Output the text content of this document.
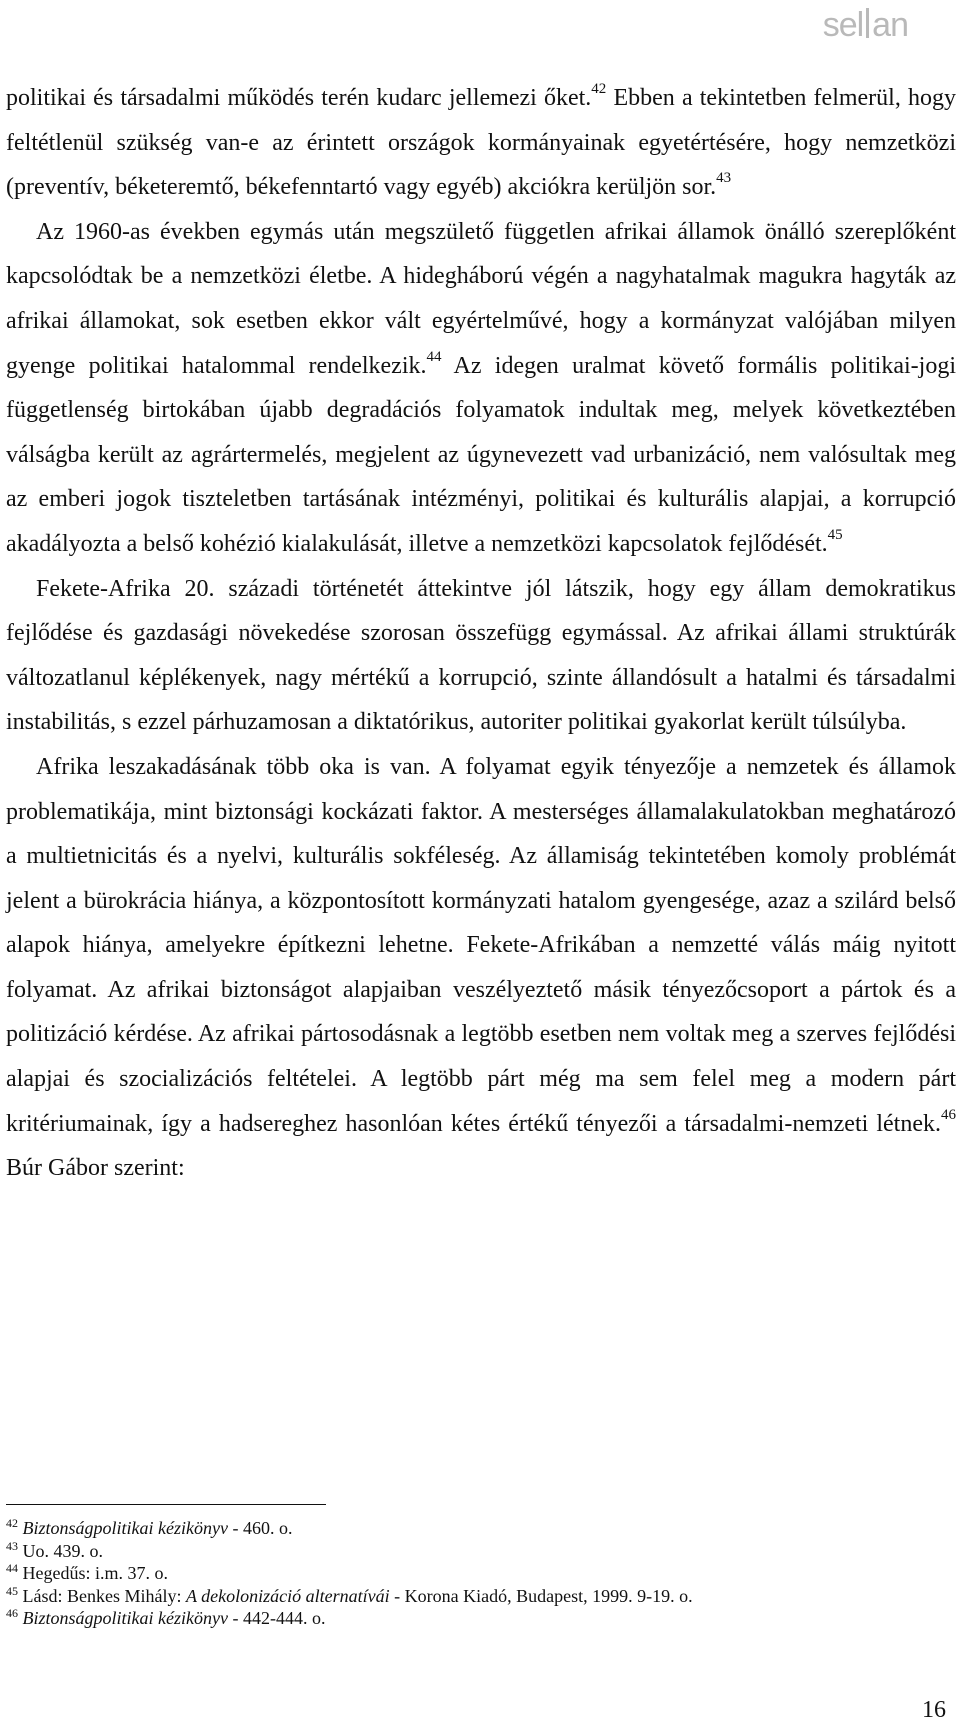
sel an

politikai és társadalmi működés terén kudarc jellemezi őket.$^{42}$ Ebben a tekintetben felmerül, hogy feltétlenül szükség van-e az érintett országok kormányainak egyetértésére, hogy nemzetközi (preventív, béketeremtő, békefenntartó vagy egyéb) akciókra kerüljön sor.$^{43}$

Az 1960-as években egymás után megszülető független afrikai államok önálló szereplőként kapcsolódtak be a nemzetközi életbe. A hidegháború végén a nagyhatalmak magukra hagyták az afrikai államokat, sok esetben ekkor vált egyértelművé, hogy a kormányzat valójában milyen gyenge politikai hatalommal rendelkezik.$^{44}$ Az idegen uralmat követő formális politikai-jogi függetlenség birtokában újabb degradációs folyamatok indultak meg, melyek következtében válságba került az agrártermelés, megjelent az úgynevezett vad urbanizáció, nem valósultak meg az emberi jogok tiszteletben tartásának intézményi, politikai és kulturális alapjai, a korrupció akadályozta a belső kohézió kialakulását, illetve a nemzetközi kapcsolatok fejlődését.$^{45}$

Fekete-Afrika 20. századi történetét áttekintve jól látszik, hogy egy állam demokratikus fejlődése és gazdasági növekedése szorosan összefügg egymással. Az afrikai állami struktúrák változatlanul képlékenyek, nagy mértékű a korrupció, szinte állandósult a hatalmi és társadalmi instabilitás, s ezzel párhuzamosan a diktatórikus, autoriter politikai gyakorlat került túlsúlyba.

Afrika leszakadásának több oka is van. A folyamat egyik tényezője a nemzetek és államok problematikája, mint biztonsági kockázati faktor. A mesterséges államalakulatokban meghatározó a multietnicitás és a nyelvi, kulturális sokféleség. Az államiság tekintetében komoly problémát jelent a bürokrácia hiánya, a központosított kormányzati hatalom gyengesége, azaz a szilárd belső alapok hiánya, amelyekre építkezni lehetne. Fekete-Afrikában a nemzetté válás máig nyitott folyamat. Az afrikai biztonságot alapjaiban veszélyeztető másik tényezőcsoport a pártok és a politizáció kérdése. Az afrikai pártosodásnak a legtöbb esetben nem voltak meg a szerves fejlődési alapjai és szocializációs feltételei. A legtöbb párt még ma sem felel meg a modern párt kritériumainak, így a hadsereghez hasonlóan kétes értékű tényezői a társadalmi-nemzeti létnek.$^{46}$ Búr Gábor szerint:

$^{42}$ Biztonságpolitikai kézikönyv - 460. o.
$^{43}$ Uo. 439. o.
$^{44}$ Hegedűs: i.m. 37. o.
$^{45}$ Lásd: Benkes Mihály: A dekolonizáció alternatívái - Korona Kiadó, Budapest, 1999. 9-19. o.
$^{46}$ Biztonságpolitikai kézikönyv - 442-444. o.
16
